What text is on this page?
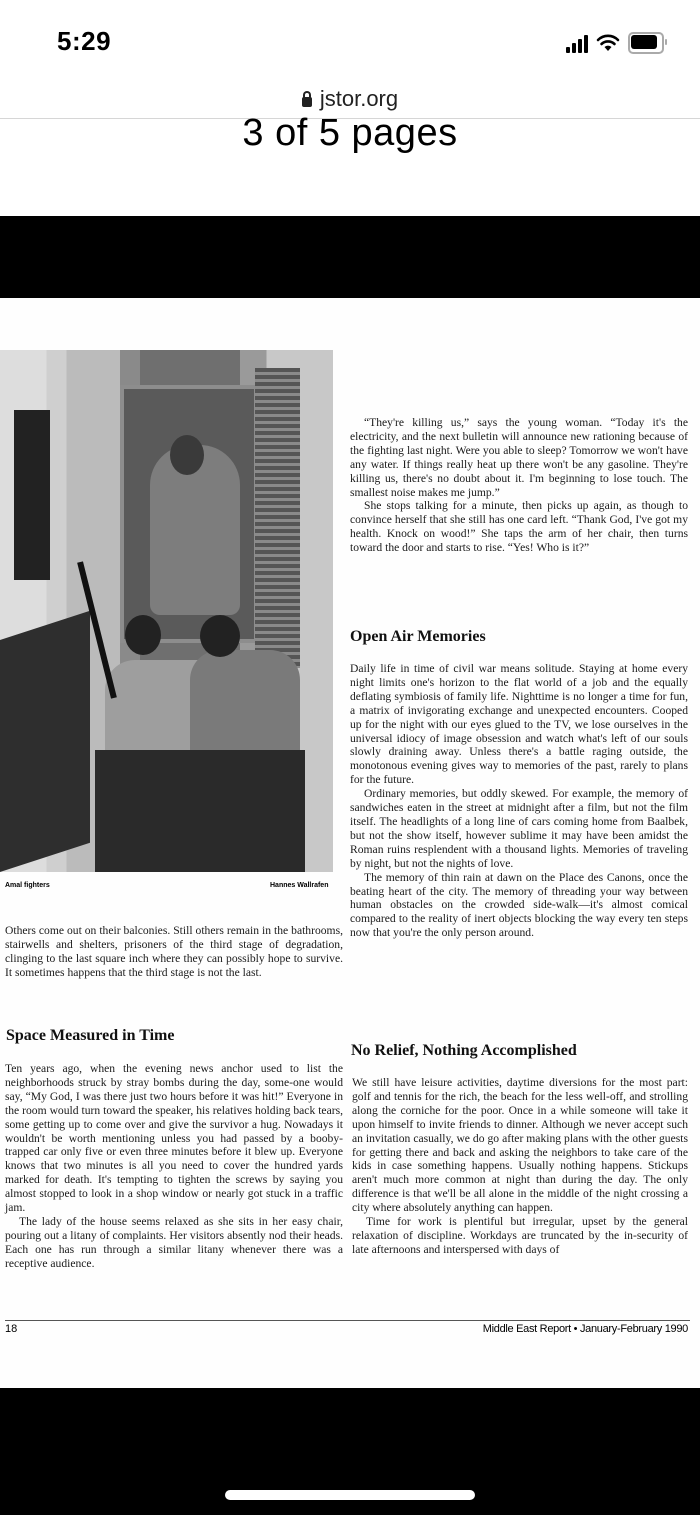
5:29
jstor.org
3 of 5 pages
Amal fighters	Hannes Wallrafen

Others come out on their balconies. Still others remain in the bathrooms, stairwells and shelters, prisoners of the third stage of degradation, clinging to the last square inch where they can possibly hope to survive. It sometimes happens that the third stage is not the last.

Space Measured in Time

Ten years ago, when the evening news anchor used to list the neighborhoods struck by stray bombs during the day, some-one would say, “My God, I was there just two hours before it was hit!” Everyone in the room would turn toward the speaker, his relatives holding back tears, some getting up to come over and give the survivor a hug. Nowadays it wouldn't be worth mentioning unless you had passed by a booby-trapped car only five or even three minutes before it blew up. Everyone knows that two minutes is all you need to cover the hundred yards marked for death. It's tempting to tighten the screws by saying you almost stopped to look in a shop window or nearly got stuck in a traffic jam.

The lady of the house seems relaxed as she sits in her easy chair, pouring out a litany of complaints. Her visitors absently nod their heads. Each one has run through a similar litany whenever there was a receptive audience.

“They're killing us,” says the young woman. “Today it's the electricity, and the next bulletin will announce new rationing because of the fighting last night. Were you able to sleep? Tomorrow we won't have any water. If things really heat up there won't be any gasoline. They're killing us, there's no doubt about it. I'm beginning to lose touch. The smallest noise makes me jump.”

She stops talking for a minute, then picks up again, as though to convince herself that she still has one card left. “Thank God, I've got my health. Knock on wood!” She taps the arm of her chair, then turns toward the door and starts to rise. “Yes! Who is it?”

Open Air Memories

Daily life in time of civil war means solitude. Staying at home every night limits one's horizon to the flat world of a job and the equally deflating symbiosis of family life. Nighttime is no longer a time for fun, a matrix of invigorating exchange and unexpected encounters. Cooped up for the night with our eyes glued to the TV, we lose ourselves in the universal idiocy of image obsession and watch what's left of our souls slowly draining away. Unless there's a battle raging outside, the monotonous evening gives way to memories of the past, rarely to plans for the future.

Ordinary memories, but oddly skewed. For example, the memory of sandwiches eaten in the street at midnight after a film, but not the film itself. The headlights of a long line of cars coming home from Baalbek, but not the show itself, however sublime it may have been amidst the Roman ruins resplendent with a thousand lights. Memories of traveling by night, but not the nights of love.

The memory of thin rain at dawn on the Place des Canons, once the beating heart of the city. The memory of threading your way between human obstacles on the crowded side-walk—it's almost comical compared to the reality of inert objects blocking the way every ten steps now that you're the only person around.

No Relief, Nothing Accomplished

We still have leisure activities, daytime diversions for the most part: golf and tennis for the rich, the beach for the less well-off, and strolling along the corniche for the poor. Once in a while someone will take it upon himself to invite friends to dinner. Although we never accept such an invitation casually, we do go after making plans with the other guests for getting there and back and asking the neighbors to take care of the kids in case something happens. Usually nothing happens. Stickups aren't much more common at night than during the day. The only difference is that we'll be all alone in the middle of the night crossing a city where absolutely anything can happen.

Time for work is plentiful but irregular, upset by the general relaxation of discipline. Workdays are truncated by the in-security of late afternoons and interspersed with days of

18	Middle East Report • January-February 1990
